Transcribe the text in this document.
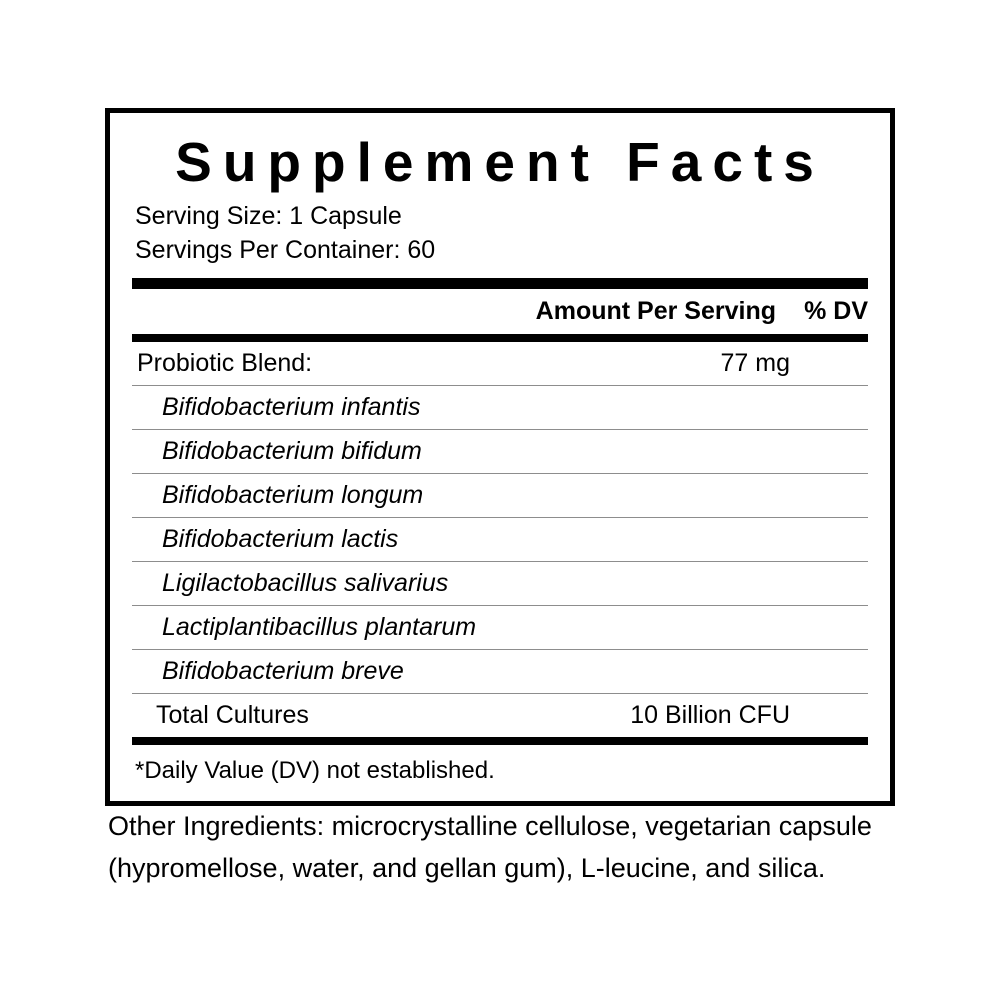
Supplement Facts
Serving Size: 1 Capsule
Servings Per Container: 60
Amount Per Serving	% DV
Probiotic Blend:	77 mg
Bifidobacterium infantis
Bifidobacterium bifidum
Bifidobacterium longum
Bifidobacterium lactis
Ligilactobacillus salivarius
Lactiplantibacillus plantarum
Bifidobacterium breve
Total Cultures	10 Billion CFU
*Daily Value (DV) not established.
Other Ingredients: microcrystalline cellulose, vegetarian capsule (hypromellose, water, and gellan gum), L-leucine, and silica.
